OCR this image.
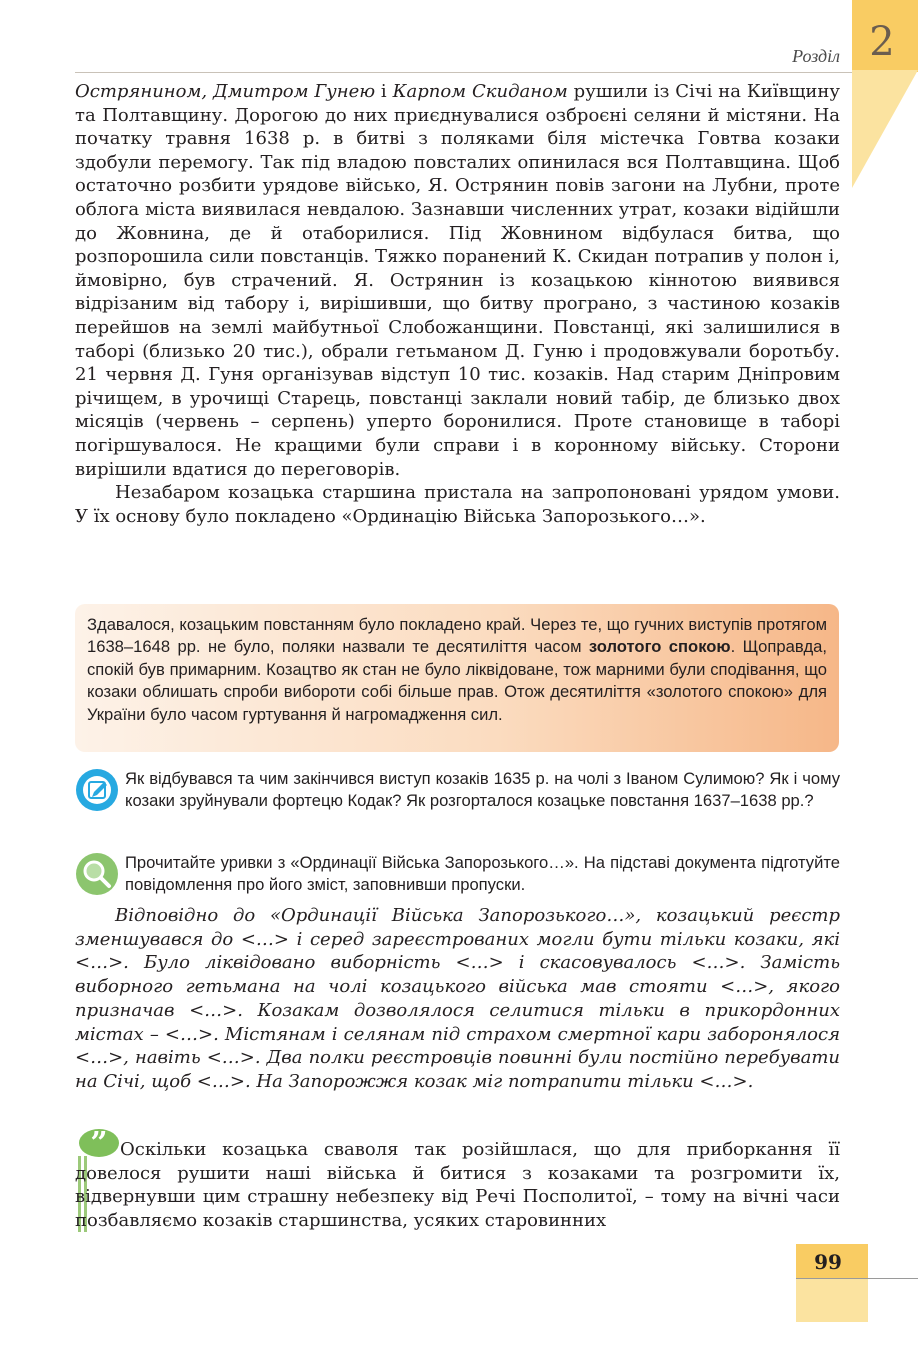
2
Розділ

Острянином, Дмитром Гунею і Карпом Скиданом рушили із Січі на Київщину та Полтавщину. Дорогою до них приєднувалися озброєні селяни й містяни. На початку травня 1638 р. в битві з поляками біля містечка Говтва козаки здобули перемогу. Так під владою повсталих опинилася вся Полтавщина. Щоб остаточно розбити урядове військо, Я. Острянин повів загони на Лубни, проте облога міста виявилася невдалою. Зазнавши численних утрат, козаки відійшли до Жовнина, де й отаборилися. Під Жовнином відбулася битва, що розпорошила сили повстанців. Тяжко поранений К. Скидан потрапив у полон і, ймовірно, був страчений. Я. Острянин із козацькою кіннотою виявився відрізаним від табору і, вирішивши, що битву програно, з частиною козаків перейшов на землі майбутньої Слобожанщини. Повстанці, які залишилися в таборі (близько 20 тис.), обрали гетьманом Д. Гуню і продовжували боротьбу. 21 червня Д. Гуня організував відступ 10 тис. козаків. Над старим Дніпровим річищем, в урочищі Старець, повстанці заклали новий табір, де близько двох місяців (червень – серпень) уперто боронилися. Проте становище в таборі погіршувалося. Не кращими були справи і в коронному війську. Сторони вирішили вдатися до переговорів.

Незабаром козацька старшина пристала на запропоновані урядом умови. У їх основу було покладено «Ординацію Війська Запорозького…».

Здавалося, козацьким повстанням було покладено край. Через те, що гучних виступів протягом 1638–1648 рр. не було, поляки назвали те десятиліття часом золотого спокою. Щоправда, спокій був примарним. Козацтво як стан не було ліквідоване, тож марними були сподівання, що козаки облишать спроби вибороти собі більше прав. Отож десятиліття «золотого спокою» для України було часом гуртування й нагромадження сил.

Як відбувався та чим закінчився виступ козаків 1635 р. на чолі з Іваном Сулимою? Як і чому козаки зруйнували фортецю Кодак? Як розгорталося козацьке повстання 1637–1638 рр.?

Прочитайте уривки з «Ординації Війська Запорозького…». На підставі документа підготуйте повідомлення про його зміст, заповнивши пропуски.

Відповідно до «Ординації Війська Запорозького…», козацький реєстр зменшувався до <…> і серед зареєстрованих могли бути тільки козаки, які <…>. Було ліквідовано виборність <…> і скасовувалось <…>. Замість виборного гетьмана на чолі козацького війська мав стояти <…>, якого призначав <…>. Козакам дозволялося селитися тільки в прикордонних містах – <…>. Містянам і селянам під страхом смертної кари заборонялося <…>, навіть <…>. Два полки реєстровців повинні були постійно перебувати на Січі, щоб <…>. На Запорожжя козак міг потрапити тільки <…>.

” Оскільки козацька сваволя так розійшлася, що для приборкання її довелося рушити наші війська й битися з козаками та розгромити їх, відвернувши цим страшну небезпеку від Речі Посполитої, – тому на вічні часи позбавляємо козаків старшинства, усяких старовинних

99
